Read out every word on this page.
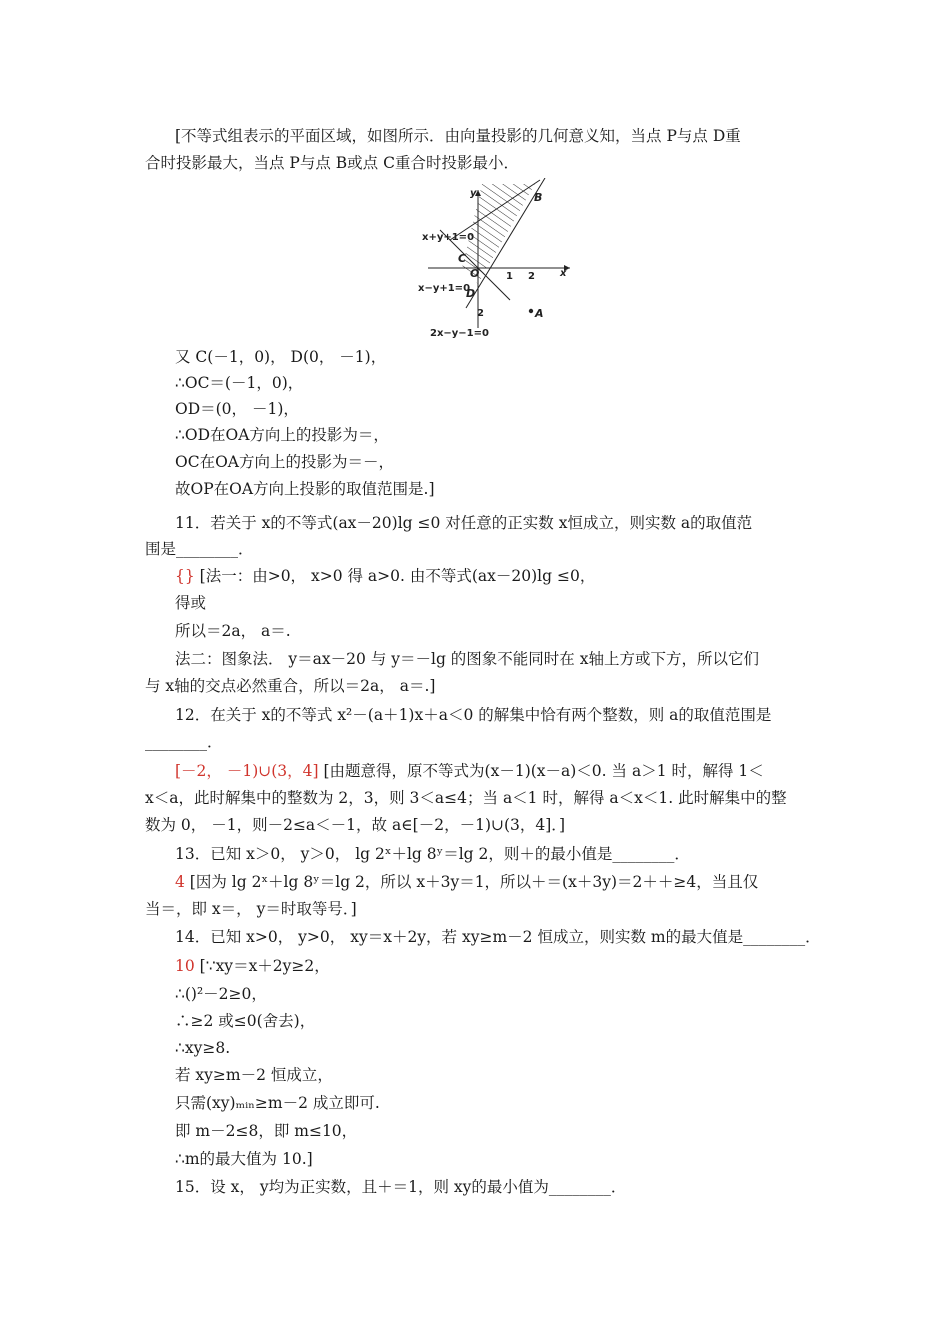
[不等式组表示的平面区域，如图所示．由向量投影的几何意义知，当点 P与点 D重
合时投影最大，当点 P与点 B或点 C重合时投影最小．
y
x
B
C
O
D
A
1 2
2
x+y+1=0
x−y+1=0
2x−y−1=0
又 C(－1，0)， D(0， －1)，
∴OC＝(－1，0)，
OD＝(0， －1)，
∴OD在OA方向上的投影为＝，
OC在OA方向上的投影为＝－，
故OP在OA方向上投影的取值范围是.]
11．若关于 x的不等式(ax－20)lg ≤0 对任意的正实数 x恒成立，则实数 a的取值范
围是________．
{} [法一：由>0， x>0 得 a>0. 由不等式(ax－20)lg ≤0，
得或
所以＝2a， a＝.
法二：图象法． y＝ax－20 与 y＝－lg 的图象不能同时在 x轴上方或下方，所以它们
与 x轴的交点必然重合，所以＝2a， a＝.]
12．在关于 x的不等式 x²－(a＋1)x＋a＜0 的解集中恰有两个整数，则 a的取值范围是
________．
[－2， －1)∪(3，4] [由题意得，原不等式为(x－1)(x－a)＜0. 当 a＞1 时，解得 1＜
x＜a，此时解集中的整数为 2，3，则 3＜a≤4；当 a＜1 时，解得 a＜x＜1. 此时解集中的整
数为 0， －1，则－2≤a＜－1，故 a∈[－2，－1)∪(3，4]．]
13．已知 x＞0， y＞0， lg 2ˣ＋lg 8ʸ＝lg 2，则＋的最小值是________．
4 [因为 lg 2ˣ＋lg 8ʸ＝lg 2，所以 x＋3y＝1，所以＋＝(x＋3y)＝2＋＋≥4，当且仅
当＝，即 x＝， y＝时取等号．]
14．已知 x>0， y>0， xy＝x＋2y，若 xy≥m－2 恒成立，则实数 m的最大值是________．
10 [∵xy＝x＋2y≥2，
∴()²－2≥0，
∴≥2 或≤0(舍去)，
∴xy≥8.
若 xy≥m－2 恒成立，
只需(xy)ₘᵢₙ≥m－2 成立即可.
即 m－2≤8，即 m≤10，
∴m的最大值为 10.]
15．设 x， y均为正实数，且＋＝1，则 xy的最小值为________．
